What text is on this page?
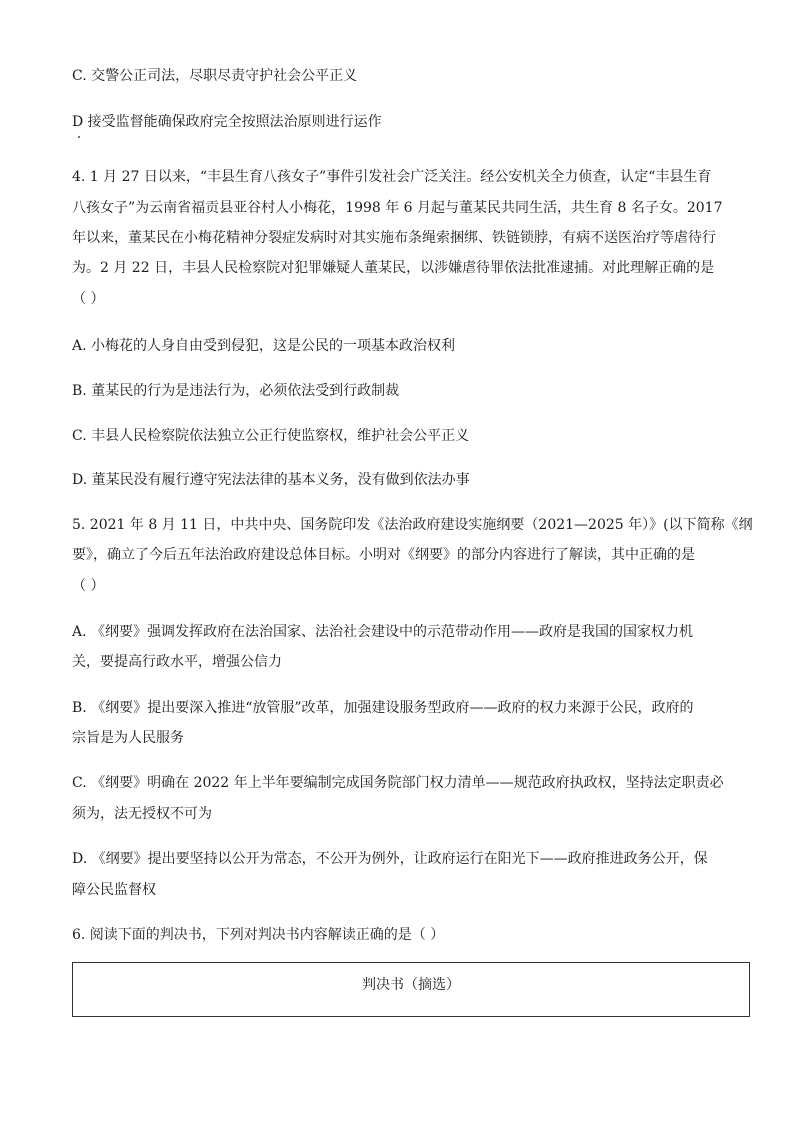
C. 交警公正司法，尽职尽责守护社会公平正义

D 接受监督能确保政府完全按照法治原则进行运作

4. 1 月 27 日以来，“丰县生育八孩女子”事件引发社会广泛关注。经公安机关全力侦查，认定“丰县生育

八孩女子”为云南省福贡县亚谷村人小梅花，1998 年 6 月起与董某民共同生活，共生育 8 名子女。2017

年以来，董某民在小梅花精神分裂症发病时对其实施布条绳索捆绑、铁链锁脖，有病不送医治疗等虐待行

为。2 月 22 日，丰县人民检察院对犯罪嫌疑人董某民，以涉嫌虐待罪依法批准逮捕。对此理解正确的是

（ ）

A. 小梅花的人身自由受到侵犯，这是公民的一项基本政治权利

B. 董某民的行为是违法行为，必须依法受到行政制裁

C. 丰县人民检察院依法独立公正行使监察权，维护社会公平正义

D. 董某民没有履行遵守宪法法律的基本义务，没有做到依法办事

5. 2021 年 8 月 11 日，中共中央、国务院印发《法治政府建设实施纲要（2021—2025 年）》(以下简称《纲

要》，确立了今后五年法治政府建设总体目标。小明对《纲要》的部分内容进行了解读，其中正确的是

（ ）

A. 《纲要》强调发挥政府在法治国家、法治社会建设中的示范带动作用——政府是我国的国家权力机

关，要提高行政水平，增强公信力

B. 《纲要》提出要深入推进“放管服”改革，加强建设服务型政府——政府的权力来源于公民，政府的

宗旨是为人民服务

C. 《纲要》明确在 2022 年上半年要编制完成国务院部门权力清单——规范政府执政权，坚持法定职责必

须为，法无授权不可为

D. 《纲要》提出要坚持以公开为常态，不公开为例外，让政府运行在阳光下——政府推进政务公开，保

障公民监督权

6. 阅读下面的判决书，下列对判决书内容解读正确的是（ ）

判决书（摘选）
